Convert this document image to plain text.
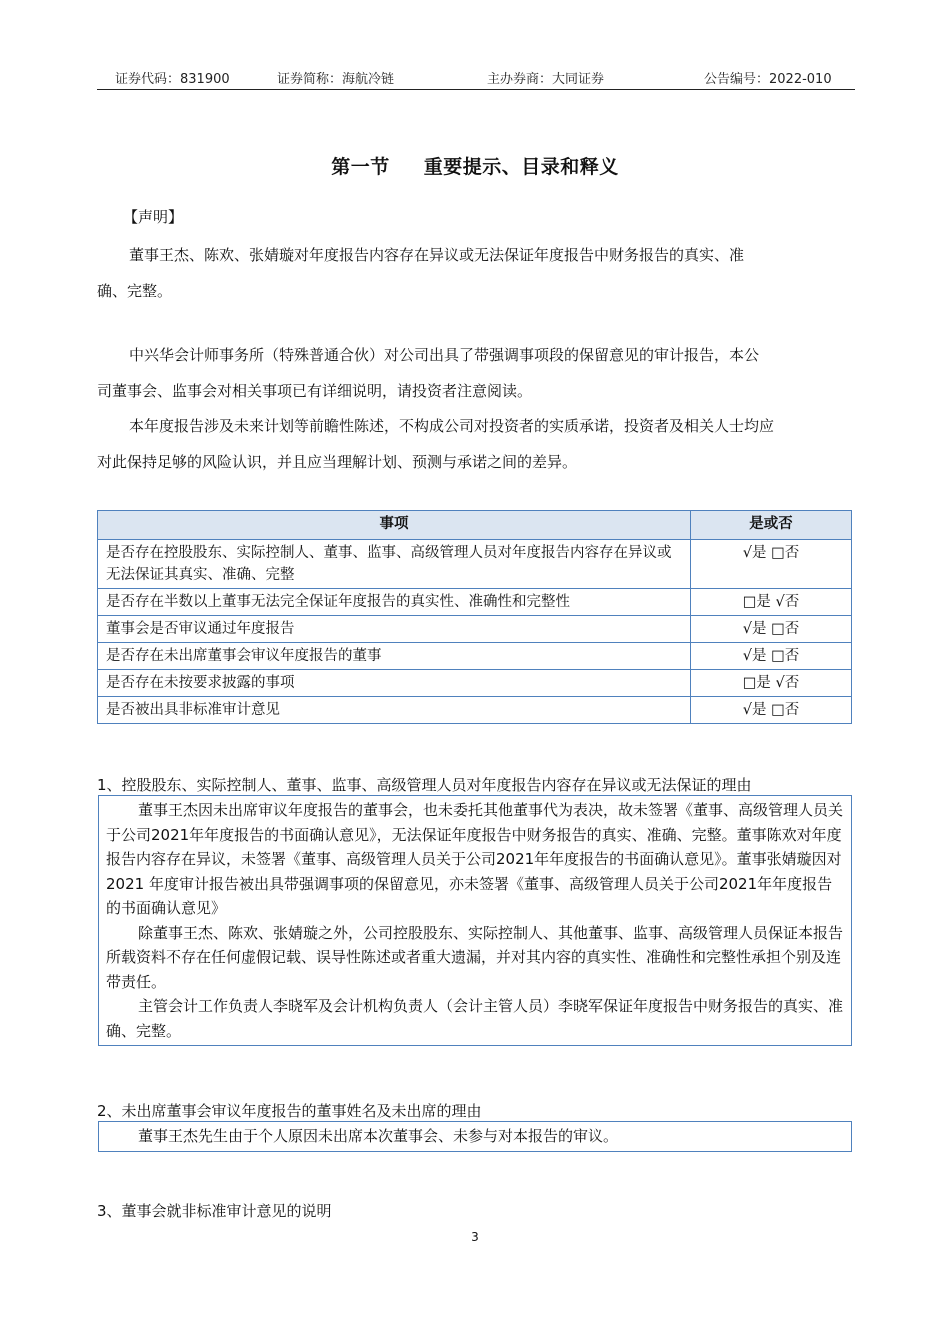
证券代码：831900	证券简称：海航冷链	主办券商：大同证券	公告编号：2022-010
第一节 重要提示、目录和释义
【声明】
董事王杰、陈欢、张婧璇对年度报告内容存在异议或无法保证年度报告中财务报告的真实、准
确、完整。
中兴华会计师事务所（特殊普通合伙）对公司出具了带强调事项段的保留意见的审计报告，本公
司董事会、监事会对相关事项已有详细说明，请投资者注意阅读。
本年度报告涉及未来计划等前瞻性陈述，不构成公司对投资者的实质承诺，投资者及相关人士均应
对此保持足够的风险认识，并且应当理解计划、预测与承诺之间的差异。
事项	是或否
是否存在控股股东、实际控制人、董事、监事、高级管理人员对年度报告内容存在异议或无法保证其真实、准确、完整	√是 □否
是否存在半数以上董事无法完全保证年度报告的真实性、准确性和完整性	□是 √否
董事会是否审议通过年度报告	√是 □否
是否存在未出席董事会审议年度报告的董事	√是 □否
是否存在未按要求披露的事项	□是 √否
是否被出具非标准审计意见	√是 □否
1、控股股东、实际控制人、董事、监事、高级管理人员对年度报告内容存在异议或无法保证的理由

董事王杰因未出席审议年度报告的董事会，也未委托其他董事代为表决，故未签署《董事、高级管理人员关于公司2021年年度报告的书面确认意见》，无法保证年度报告中财务报告的真实、准确、完整。董事陈欢对年度报告内容存在异议，未签署《董事、高级管理人员关于公司2021年年度报告的书面确认意见》。董事张婧璇因对 2021 年度审计报告被出具带强调事项的保留意见，亦未签署《董事、高级管理人员关于公司2021年年度报告的书面确认意见》

除董事王杰、陈欢、张婧璇之外，公司控股股东、实际控制人、其他董事、监事、高级管理人员保证本报告所载资料不存在任何虚假记载、误导性陈述或者重大遗漏，并对其内容的真实性、准确性和完整性承担个别及连带责任。

主管会计工作负责人李晓军及会计机构负责人（会计主管人员）李晓军保证年度报告中财务报告的真实、准确、完整。

2、未出席董事会审议年度报告的董事姓名及未出席的理由

董事王杰先生由于个人原因未出席本次董事会、未参与对本报告的审议。

3、董事会就非标准审计意见的说明
3
